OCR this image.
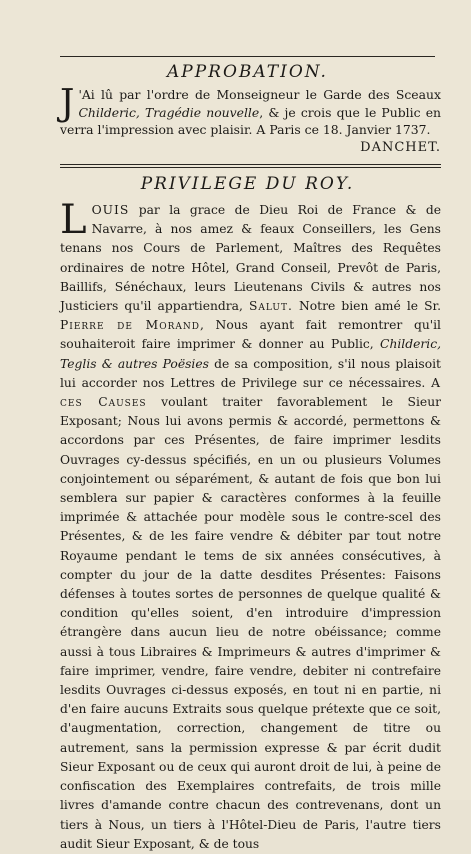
APPROBATION.
J 'Ai lû par l'ordre de Monseigneur le Garde des Sceaux Childeric, Tragédie nouvelle, & je crois que le Public en verra l'impression avec plaisir. A Paris ce 18. Janvier 1737.
DANCHET.
PRIVILEGE DU ROY.
L OUIS par la grace de Dieu Roi de France & de Navarre, à nos amez & feaux Conseillers, les Gens tenans nos Cours de Parlement, Maîtres des Requêtes ordinaires de notre Hôtel, Grand Conseil, Prevôt de Paris, Baillifs, Sénéchaux, leurs Lieutenans Civils & autres nos Justiciers qu'il appartiendra, Salut. Notre bien amé le Sr. Pierre de Morand, Nous ayant fait remontrer qu'il souhaiteroit faire imprimer & donner au Public, Childeric, Teglis & autres Poësies de sa composition, s'il nous plaisoit lui accorder nos Lettres de Privilege sur ce nécessaires. A ces Causes voulant traiter favorablement le Sieur Exposant; Nous lui avons permis & accordé, permettons & accordons par ces Présentes, de faire imprimer lesdits Ouvrages cy-dessus spécifiés, en un ou plusieurs Volumes conjointement ou séparément, & autant de fois que bon lui semblera sur papier & caractères conformes à la feuille imprimée & attachée pour modèle sous le contre-scel des Présentes, & de les faire vendre & débiter par tout notre Royaume pendant le tems de six années consécutives, à compter du jour de la datte desdites Présentes: Faisons défenses à toutes sortes de personnes de quelque qualité & condition qu'elles soient, d'en introduire d'impression étrangère dans aucun lieu de notre obéissance; comme aussi à tous Libraires & Imprimeurs & autres d'imprimer & faire imprimer, vendre, faire vendre, debiter ni contrefaire lesdits Ouvrages ci-dessus exposés, en tout ni en partie, ni d'en faire aucuns Extraits sous quelque prétexte que ce soit, d'augmentation, correction, changement de titre ou autrement, sans la permission expresse & par écrit dudit Sieur Exposant ou de ceux qui auront droit de lui, à peine de confiscation des Exemplaires contrefaits, de trois mille livres d'amande contre chacun des contrevenans, dont un tiers à Nous, un tiers à l'Hôtel-Dieu de Paris, l'autre tiers audit Sieur Exposant, & de tous
